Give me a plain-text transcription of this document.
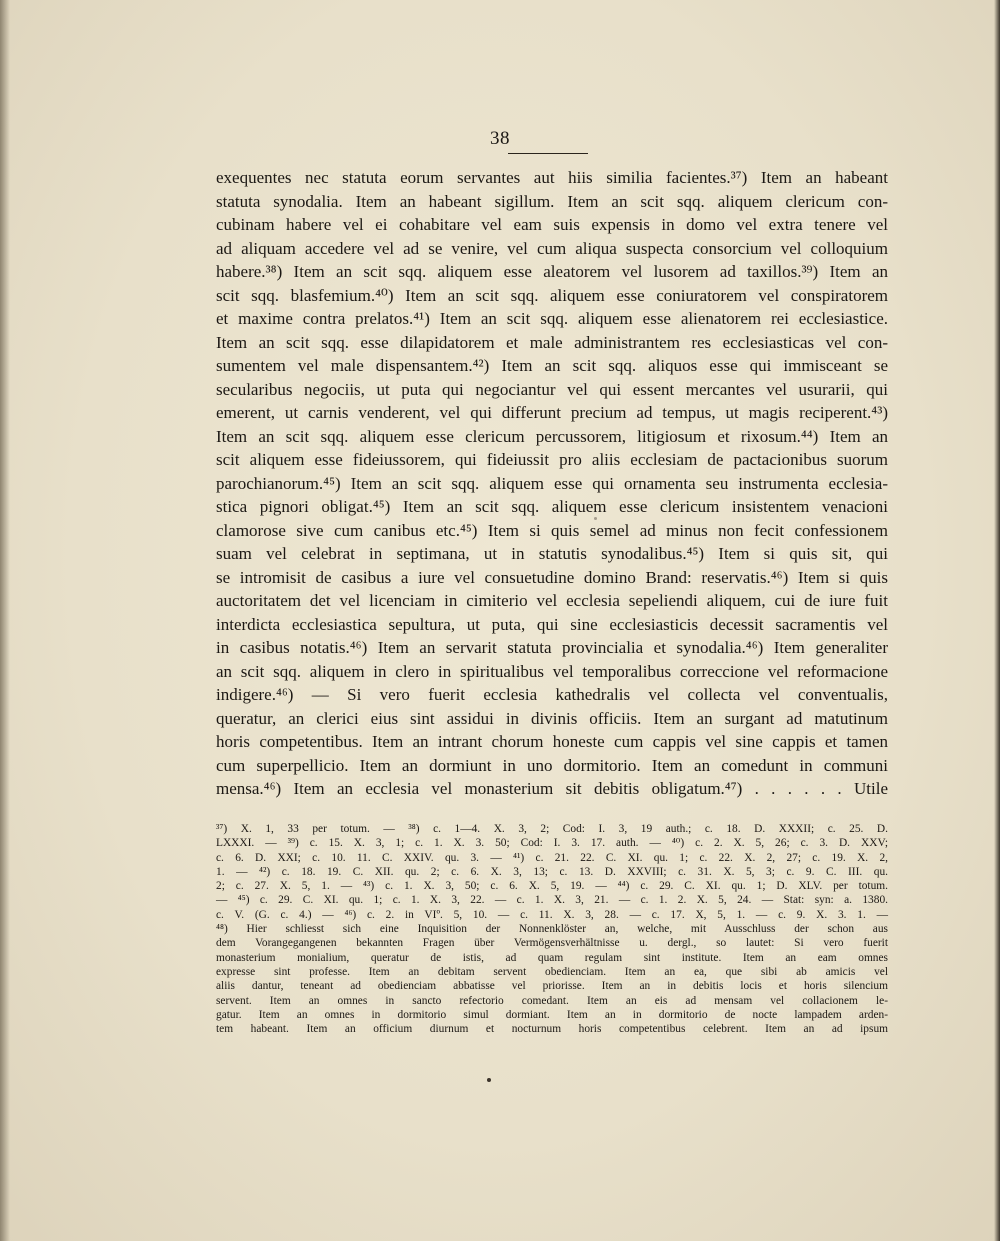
38
exequentes nec statuta eorum servantes aut hiis similia facientes.³⁷) Item an habeant
statuta synodalia. Item an habeant sigillum. Item an scit sqq. aliquem clericum con-
cubinam habere vel ei cohabitare vel eam suis expensis in domo vel extra tenere vel
ad aliquam accedere vel ad se venire, vel cum aliqua suspecta consorcium vel colloquium
habere.³⁸) Item an scit sqq. aliquem esse aleatorem vel lusorem ad taxillos.³⁹) Item an
scit sqq. blasfemium.⁴⁰) Item an scit sqq. aliquem esse coniuratorem vel conspiratorem
et maxime contra prelatos.⁴¹) Item an scit sqq. aliquem esse alienatorem rei ecclesiastice.
Item an scit sqq. esse dilapidatorem et male administrantem res ecclesiasticas vel con-
sumentem vel male dispensantem.⁴²) Item an scit sqq. aliquos esse qui immisceant se
secularibus negociis, ut puta qui negociantur vel qui essent mercantes vel usurarii, qui
emerent, ut carnis venderent, vel qui differunt precium ad tempus, ut magis reciperent.⁴³)
Item an scit sqq. aliquem esse clericum percussorem, litigiosum et rixosum.⁴⁴) Item an
scit aliquem esse fideiussorem, qui fideiussit pro aliis ecclesiam de pactacionibus suorum
parochianorum.⁴⁵) Item an scit sqq. aliquem esse qui ornamenta seu instrumenta ecclesia-
stica pignori obligat.⁴⁵) Item an scit sqq. aliquem esse clericum insistentem venacioni
clamorose sive cum canibus etc.⁴⁵) Item si quis semel ad minus non fecit confessionem
suam vel celebrat in septimana, ut in statutis synodalibus.⁴⁵) Item si quis sit, qui
se intromisit de casibus a iure vel consuetudine domino Brand: reservatis.⁴⁶) Item si quis
auctoritatem det vel licenciam in cimiterio vel ecclesia sepeliendi aliquem, cui de iure fuit
interdicta ecclesiastica sepultura, ut puta, qui sine ecclesiasticis decessit sacramentis vel
in casibus notatis.⁴⁶) Item an servarit statuta provincialia et synodalia.⁴⁶) Item generaliter
an scit sqq. aliquem in clero in spiritualibus vel temporalibus correccione vel reformacione
indigere.⁴⁶) — Si vero fuerit ecclesia kathedralis vel collecta vel conventualis,
queratur, an clerici eius sint assidui in divinis officiis. Item an surgant ad matutinum
horis competentibus. Item an intrant chorum honeste cum cappis vel sine cappis et tamen
cum superpellicio. Item an dormiunt in uno dormitorio. Item an comedunt in communi
mensa.⁴⁶) Item an ecclesia vel monasterium sit debitis obligatum.⁴⁷) . . . . . . Utile
³⁷) X. 1, 33 per totum. — ³⁸) c. 1—4. X. 3, 2; Cod: I. 3, 19 auth.; c. 18. D. XXXII; c. 25. D.
LXXXI. — ³⁹) c. 15. X. 3, 1; c. 1. X. 3. 50; Cod: I. 3. 17. auth. — ⁴⁰) c. 2. X. 5, 26; c. 3. D. XXV;
c. 6. D. XXI; c. 10. 11. C. XXIV. qu. 3. — ⁴¹) c. 21. 22. C. XI. qu. 1; c. 22. X. 2, 27; c. 19. X. 2,
1. — ⁴²) c. 18. 19. C. XII. qu. 2; c. 6. X. 3, 13; c. 13. D. XXVIII; c. 31. X. 5, 3; c. 9. C. III. qu.
2; c. 27. X. 5, 1. — ⁴³) c. 1. X. 3, 50; c. 6. X. 5, 19. — ⁴⁴) c. 29. C. XI. qu. 1; D. XLV. per totum.
— ⁴⁵) c. 29. C. XI. qu. 1; c. 1. X. 3, 22. — c. 1. X. 3, 21. — c. 1. 2. X. 5, 24. — Stat: syn: a. 1380.
c. V. (G. c. 4.) — ⁴⁶) c. 2. in VIº. 5, 10. — c. 11. X. 3, 28. — c. 17. X, 5, 1. — c. 9. X. 3. 1. —
⁴⁸) Hier schliesst sich eine Inquisition der Nonnenklöster an, welche, mit Ausschluss der schon aus
dem Vorangegangenen bekannten Fragen über Vermögensverhältnisse u. dergl., so lautet: Si vero fuerit
monasterium monialium, queratur de istis, ad quam regulam sint institute. Item an eam omnes
expresse sint professe. Item an debitam servent obedienciam. Item an ea, que sibi ab amicis vel
aliis dantur, teneant ad obedienciam abbatisse vel priorisse. Item an in debitis locis et horis silencium
servent. Item an omnes in sancto refectorio comedant. Item an eis ad mensam vel collacionem le-
gatur. Item an omnes in dormitorio simul dormiant. Item an in dormitorio de nocte lampadem arden-
tem habeant. Item an officium diurnum et nocturnum horis competentibus celebrent. Item an ad ipsum
